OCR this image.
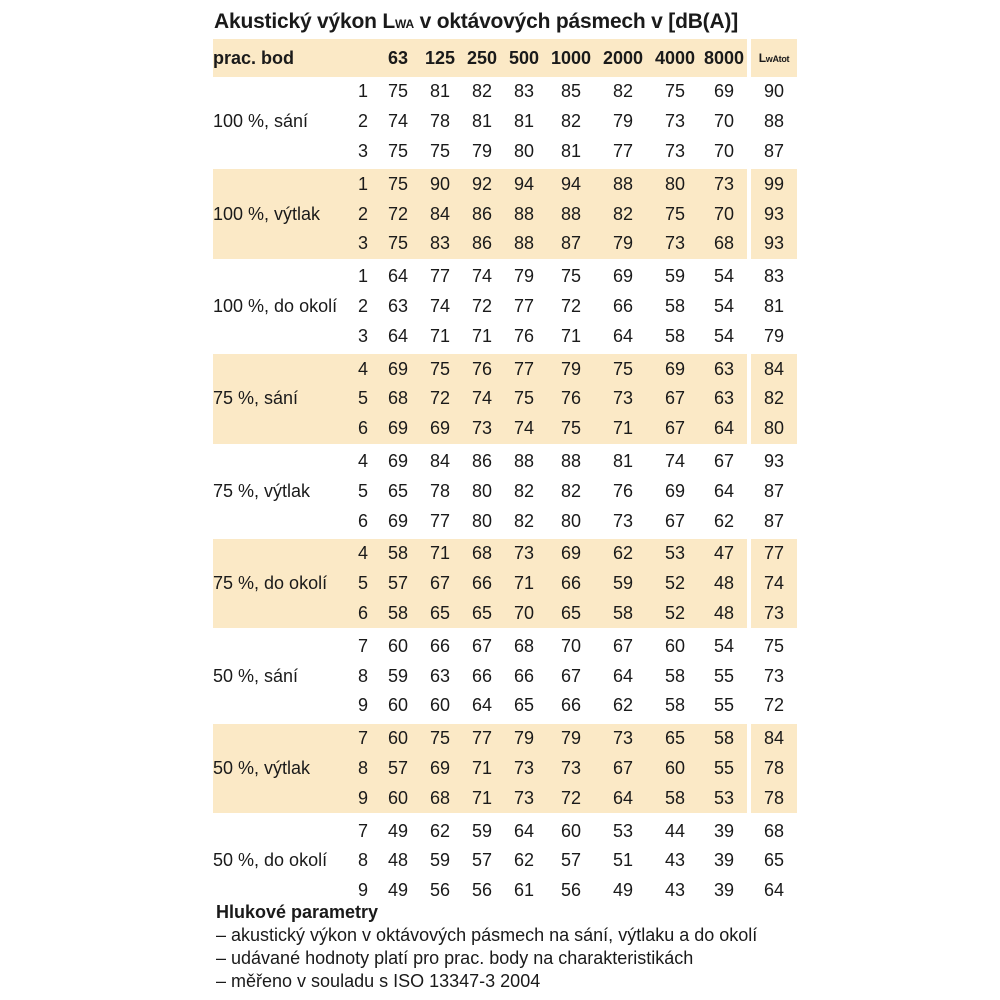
Akustický výkon LWA v oktávových pásmech v [dB(A)]
prac. bod		63	125	250	500	1000	2000	4000	8000		LwAtot
100 %, sání	1	75	81	82	83	85	82	75	69		90
	2	74	78	81	81	82	79	73	70		88
	3	75	75	79	80	81	77	73	70		87
100 %, výtlak	1	75	90	92	94	94	88	80	73		99
	2	72	84	86	88	88	82	75	70		93
	3	75	83	86	88	87	79	73	68		93
100 %, do okolí	1	64	77	74	79	75	69	59	54		83
	2	63	74	72	77	72	66	58	54		81
	3	64	71	71	76	71	64	58	54		79
75 %, sání	4	69	75	76	77	79	75	69	63		84
	5	68	72	74	75	76	73	67	63		82
	6	69	69	73	74	75	71	67	64		80
75 %, výtlak	4	69	84	86	88	88	81	74	67		93
	5	65	78	80	82	82	76	69	64		87
	6	69	77	80	82	80	73	67	62		87
75 %, do okolí	4	58	71	68	73	69	62	53	47		77
	5	57	67	66	71	66	59	52	48		74
	6	58	65	65	70	65	58	52	48		73
50 %, sání	7	60	66	67	68	70	67	60	54		75
	8	59	63	66	66	67	64	58	55		73
	9	60	60	64	65	66	62	58	55		72
50 %, výtlak	7	60	75	77	79	79	73	65	58		84
	8	57	69	71	73	73	67	60	55		78
	9	60	68	71	73	72	64	58	53		78
50 %, do okolí	7	49	62	59	64	60	53	44	39		68
	8	48	59	57	62	57	51	43	39		65
	9	49	56	56	61	56	49	43	39		64
Hlukové parametry
– akustický výkon v oktávových pásmech na sání, výtlaku a do okolí
– udávané hodnoty platí pro prac. body na charakteristikách
– měřeno v souladu s ISO 13347-3 2004
